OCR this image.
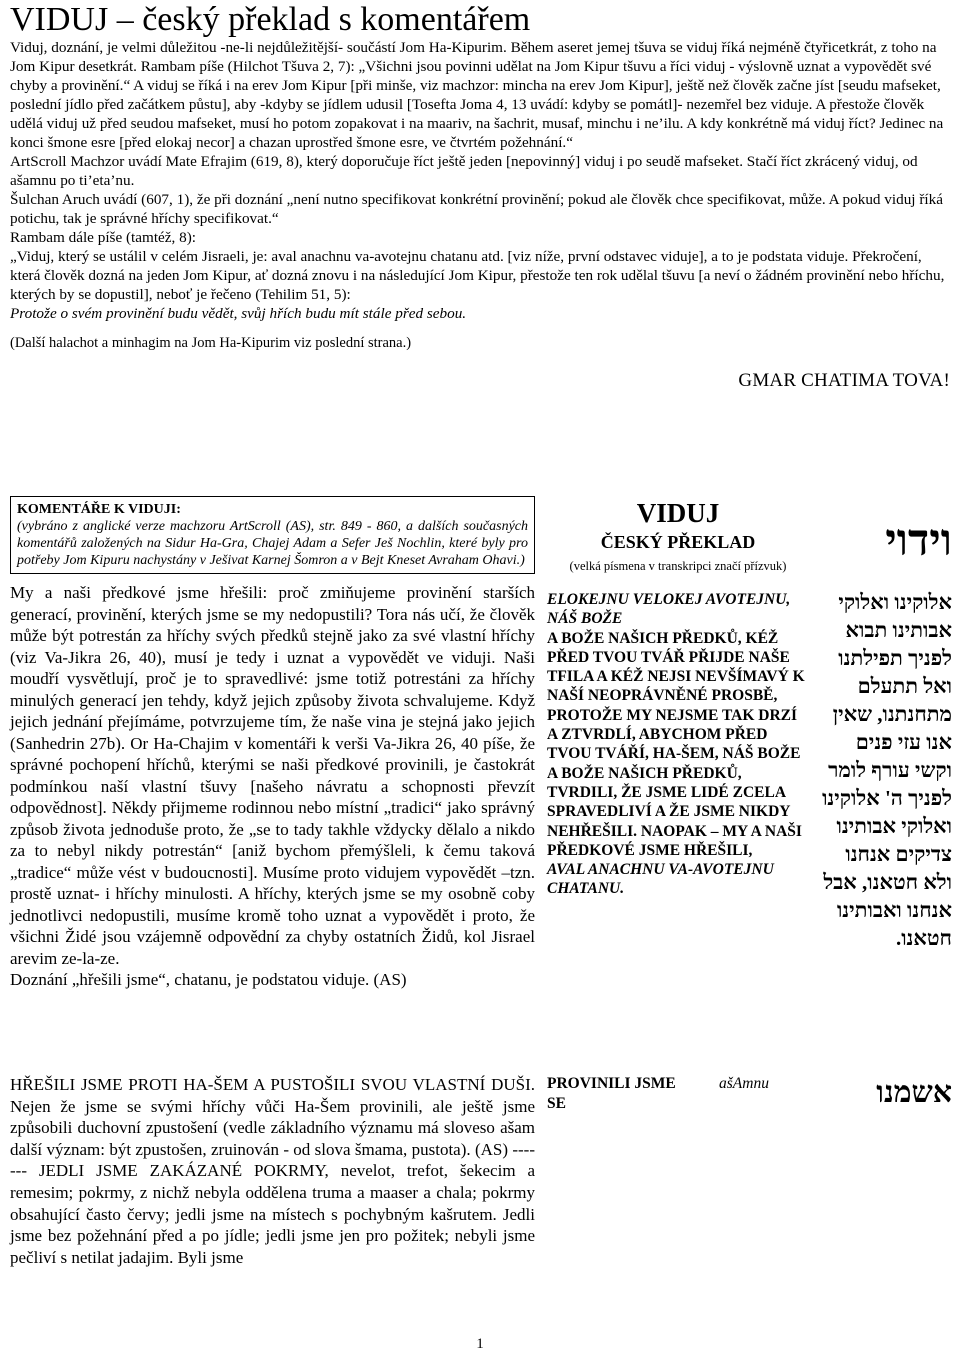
VIDUJ – český překlad s komentářem

Viduj, doznání, je velmi důležitou -ne-li nejdůležitější- součástí Jom Ha-Kipurim. Během aseret jemej tšuva se viduj říká nejméně čtyřicetkrát, z toho na Jom Kipur desetkrát. Rambam píše (Hilchot Tšuva 2, 7): „Všichni jsou povinni udělat na Jom Kipur tšuvu a říci viduj - výslovně uznat a vypovědět své chyby a provinění.“ A viduj se říká i na erev Jom Kipur [při minše, viz machzor: mincha na erev Jom Kipur], ještě než člověk začne jíst [seudu mafseket, poslední jídlo před začátkem půstu], aby -kdyby se jídlem udusil [Tosefta Joma 4, 13 uvádí: kdyby se pomátl]- nezemřel bez viduje. A přestože člověk udělá viduj už před seudou mafseket, musí ho potom zopakovat i na maariv, na šachrit, musaf, minchu i ne’ilu. A kdy konkrétně má viduj říct? Jedinec na konci šmone esre [před elokaj necor] a chazan uprostřed šmone esre, ve čtvrtém požehnání.“

ArtScroll Machzor uvádí Mate Efrajim (619, 8), který doporučuje říct ještě jeden [nepovinný] viduj i po seudě mafseket. Stačí říct zkrácený viduj, od ašamnu po ti’eta’nu.

Šulchan Aruch uvádí (607, 1), že při doznání „není nutno specifikovat konkrétní provinění; pokud ale člověk chce specifikovat, může. A pokud viduj říká potichu, tak je správné hříchy specifikovat.“

Rambam dále píše (tamtéž, 8):

„Viduj, který se ustálil v celém Jisraeli, je: aval anachnu va-avotejnu chatanu atd. [viz níže, první odstavec viduje], a to je podstata viduje. Překročení, která člověk dozná na jeden Jom Kipur, ať dozná znovu i na následující Jom Kipur, přestože ten rok udělal tšuvu [a neví o žádném provinění nebo hříchu, kterých by se dopustil], neboť je řečeno (Tehilim 51, 5):

Protože o svém provinění budu vědět, svůj hřích budu mít stále před sebou.

(Další halachot a minhagim na Jom Ha-Kipurim viz poslední strana.)
GMAR CHATIMA TOVA!
KOMENTÁŘE K VIDUJI:
(vybráno z anglické verze machzoru ArtScroll (AS), str. 849 - 860, a dalších současných komentářů založených na Sidur Ha-Gra, Chajej Adam a Sefer Ješ Nochlin, které byly pro potřeby Jom Kipuru nachystány v Ješivat Karnej Šomron a v Bejt Kneset Avraham Ohavi.)

My a naši předkové jsme hřešili: proč zmiňujeme provinění starších generací, provinění, kterých jsme se my nedopustili? Tora nás učí, že člověk může být potrestán za hříchy svých předků stejně jako za své vlastní hříchy (viz Va-Jikra 26, 40), musí je tedy i uznat a vypovědět ve viduji. Naši moudří vysvětlují, proč je to spravedlivé: jsme totiž potrestáni za hříchy minulých generací jen tehdy, když jejich způsoby života schvalujeme. Když jejich jednání přejímáme, potvrzujeme tím, že naše vina je stejná jako jejich (Sanhedrin 27b). Or Ha-Chajim v komentáři k verši Va-Jikra 26, 40 píše, že správné pochopení hříchů, kterými se naši předkové provinili, je častokrát podmínkou naší vlastní tšuvy [našeho návratu a schopnosti převzít odpovědnost]. Někdy přijmeme rodinnou nebo místní „tradici“ jako správný způsob života jednoduše proto, že „se to tady takhle vždycky dělalo a nikdo za to nebyl nikdy potrestán“ [aniž bychom přemýšleli, k čemu taková „tradice“ může vést v budoucnosti]. Musíme proto vidujem vypovědět –tzn. prostě uznat- i hříchy minulosti. A hříchy, kterých jsme se my osobně coby jednotlivci nedopustili, musíme kromě toho uznat a vypovědět i proto, že všichni Židé jsou vzájemně odpovědní za chyby ostatních Židů, kol Jisrael arevim ze-la-ze.

Doznání „hřešili jsme“, chatanu, je podstatou viduje. (AS)

VIDUJ
ČESKÝ PŘEKLAD
(velká písmena v transkripci značí přízvuk)
ELOKEJNU VELOKEJ AVOTEJNU, NÁŠ BOŽE
A BOŽE NAŠICH PŘEDKŮ, KÉŽ PŘED TVOU TVÁŘ PŘIJDE NAŠE TFILA A KÉŽ NEJSI NEVŠÍMAVÝ K NAŠÍ NEOPRÁVNĚNÉ PROSBĚ, PROTOŽE MY NEJSME TAK DRZÍ A ZTVRDLÍ, ABYCHOM PŘED TVOU TVÁŘÍ, HA-ŠEM, NÁŠ BOŽE A BOŽE NAŠICH PŘEDKŮ, TVRDILI, ŽE JSME LIDÉ ZCELA SPRAVEDLIVÍ A ŽE JSME NIKDY NEHŘEŠILI. NAOPAK – MY A NAŠI PŘEDKOVÉ JSME HŘEŠILI,
AVAL ANACHNU VA-AVOTEJNU CHATANU.
וידוי
אלוקינו ואלוקי אבותינו תבוא לפניך תפילתנו ואל תתעלם מתחנתנו, שאין אנו עזי פנים וקשי עורף לומר לפניך ה' אלוקינו ואלוקי אבותינו צדיקים אנחנו ולא חטאנו, אבל אנחנו ואבותינו חטאנו.
HŘEŠILI JSME PROTI HA-ŠEM A PUSTOŠILI SVOU VLASTNÍ DUŠI. Nejen že jsme se svými hříchy vůči Ha-Šem provinili, ale ještě jsme způsobili duchovní zpustošení (vedle základního významu má sloveso ašam další význam: být zpustošen, zruinován - od slova šmama, pustota). (AS) ------- JEDLI JSME ZAKÁZANÉ POKRMY, nevelot, trefot, šekecim a remesim; pokrmy, z nichž nebyla oddělena truma a maaser a chala; pokrmy obsahující často červy; jedli jsme na místech s pochybným kašrutem. Jedli jsme bez požehnání před a po jídle; jedli jsme jen pro požitek; nebyli jsme pečliví s netilat jadajim. Byli jsme
PROVINILI JSME	ašAmnu
SE	אשמנו
1
